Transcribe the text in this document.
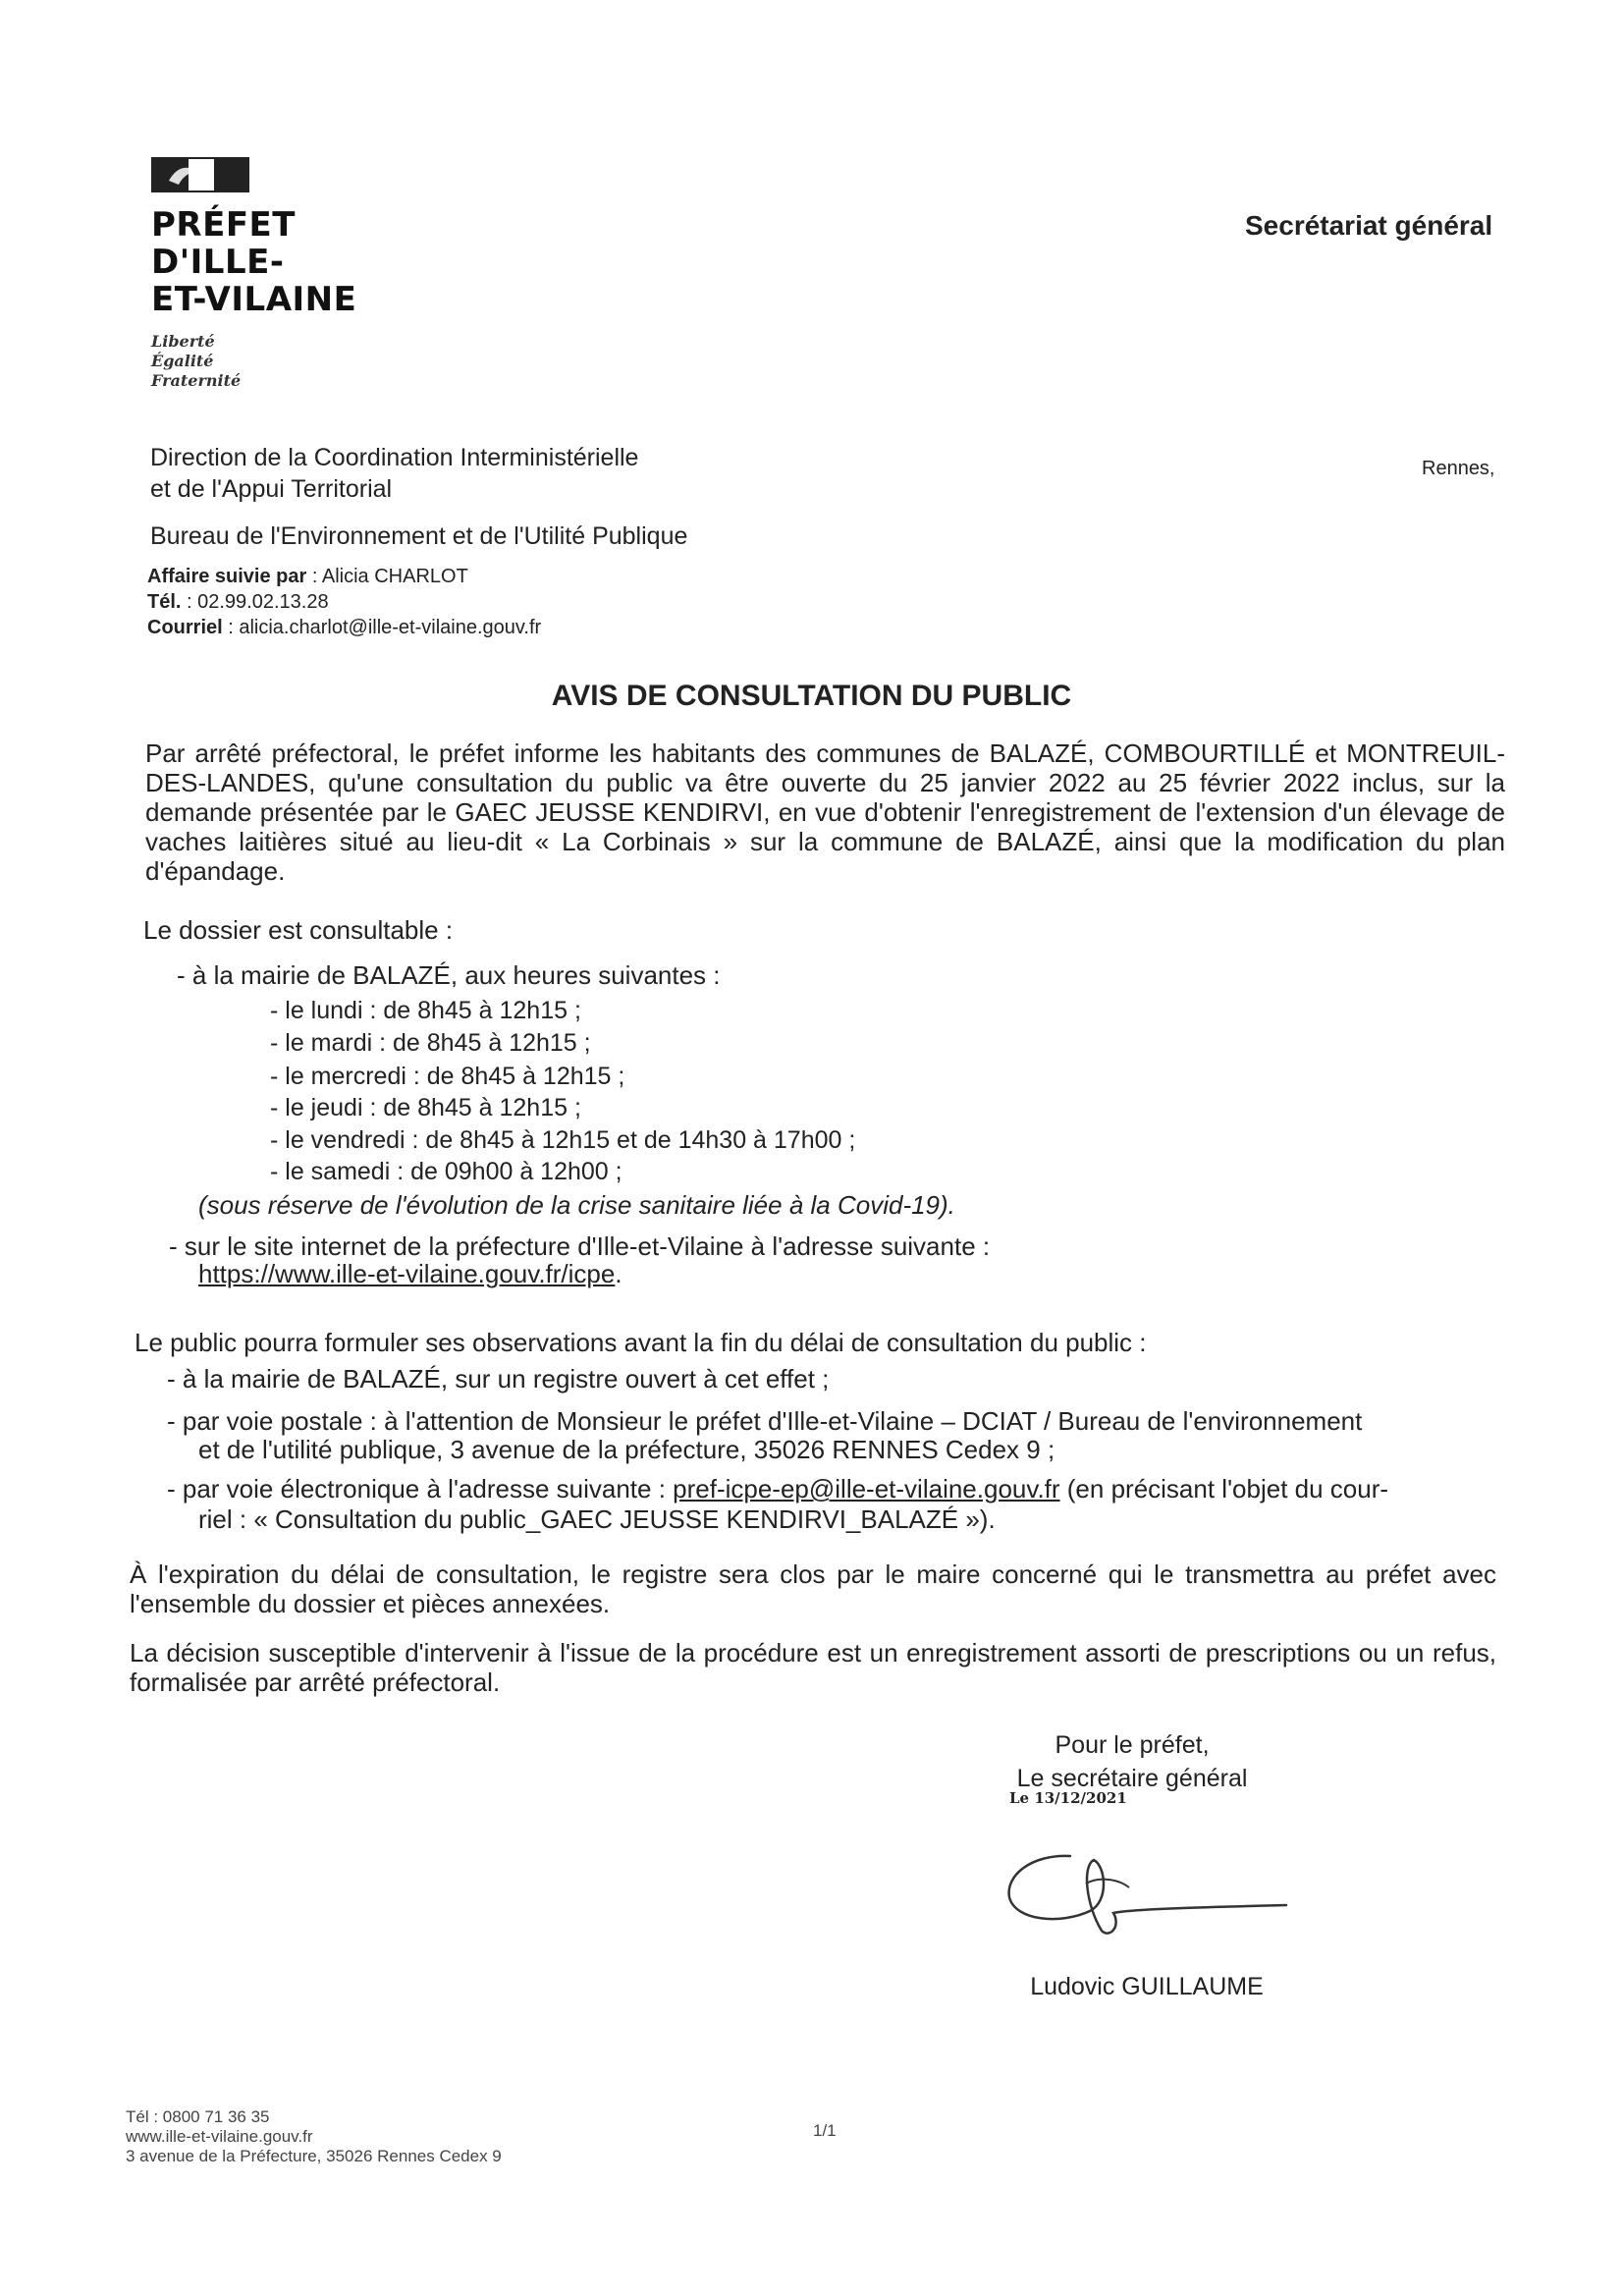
PRÉFET
D'ILLE-
ET-VILAINE
Liberté
Égalité
Fraternité
Secrétariat général
Direction de la Coordination Interministérielle
et de l'Appui Territorial
Bureau de l'Environnement et de l'Utilité Publique
Rennes,
Affaire suivie par : Alicia CHARLOT
Tél. : 02.99.02.13.28
Courriel : alicia.charlot@ille-et-vilaine.gouv.fr
AVIS DE CONSULTATION DU PUBLIC
Par arrêté préfectoral, le préfet informe les habitants des communes de BALAZÉ, COMBOURTILLÉ et MONTREUIL-DES-LANDES, qu'une consultation du public va être ouverte du 25 janvier 2022 au 25 février 2022 inclus, sur la demande présentée par le GAEC JEUSSE KENDIRVI, en vue d'obtenir l'enregistrement de l'extension d'un élevage de vaches laitières situé au lieu-dit « La Corbinais » sur la commune de BALAZÉ, ainsi que la modification du plan d'épandage.
Le dossier est consultable :
- à la mairie de BALAZÉ, aux heures suivantes :
- le lundi : de 8h45 à 12h15 ;
- le mardi : de 8h45 à 12h15 ;
- le mercredi : de 8h45 à 12h15 ;
- le jeudi : de 8h45 à 12h15 ;
- le vendredi : de 8h45 à 12h15 et de 14h30 à 17h00 ;
- le samedi : de 09h00 à 12h00 ;
(sous réserve de l'évolution de la crise sanitaire liée à la Covid-19).
- sur le site internet de la préfecture d'Ille-et-Vilaine à l'adresse suivante :
https://www.ille-et-vilaine.gouv.fr/icpe.
Le public pourra formuler ses observations avant la fin du délai de consultation du public :
- à la mairie de BALAZÉ, sur un registre ouvert à cet effet ;
- par voie postale : à l'attention de Monsieur le préfet d'Ille-et-Vilaine – DCIAT / Bureau de l'environnement
et de l'utilité publique, 3 avenue de la préfecture, 35026 RENNES Cedex 9 ;
- par voie électronique à l'adresse suivante : pref-icpe-ep@ille-et-vilaine.gouv.fr (en précisant l'objet du cour-
riel : « Consultation du public_GAEC JEUSSE KENDIRVI_BALAZÉ »).
À l'expiration du délai de consultation, le registre sera clos par le maire concerné qui le transmettra au préfet avec l'ensemble du dossier et pièces annexées.
La décision susceptible d'intervenir à l'issue de la procédure est un enregistrement assorti de prescriptions ou un refus, formalisée par arrêté préfectoral.
Pour le préfet,
Le secrétaire général
Le 13/12/2021
Ludovic GUILLAUME
Tél : 0800 71 36 35
www.ille-et-vilaine.gouv.fr
3 avenue de la Préfecture, 35026 Rennes Cedex 9
1/1
